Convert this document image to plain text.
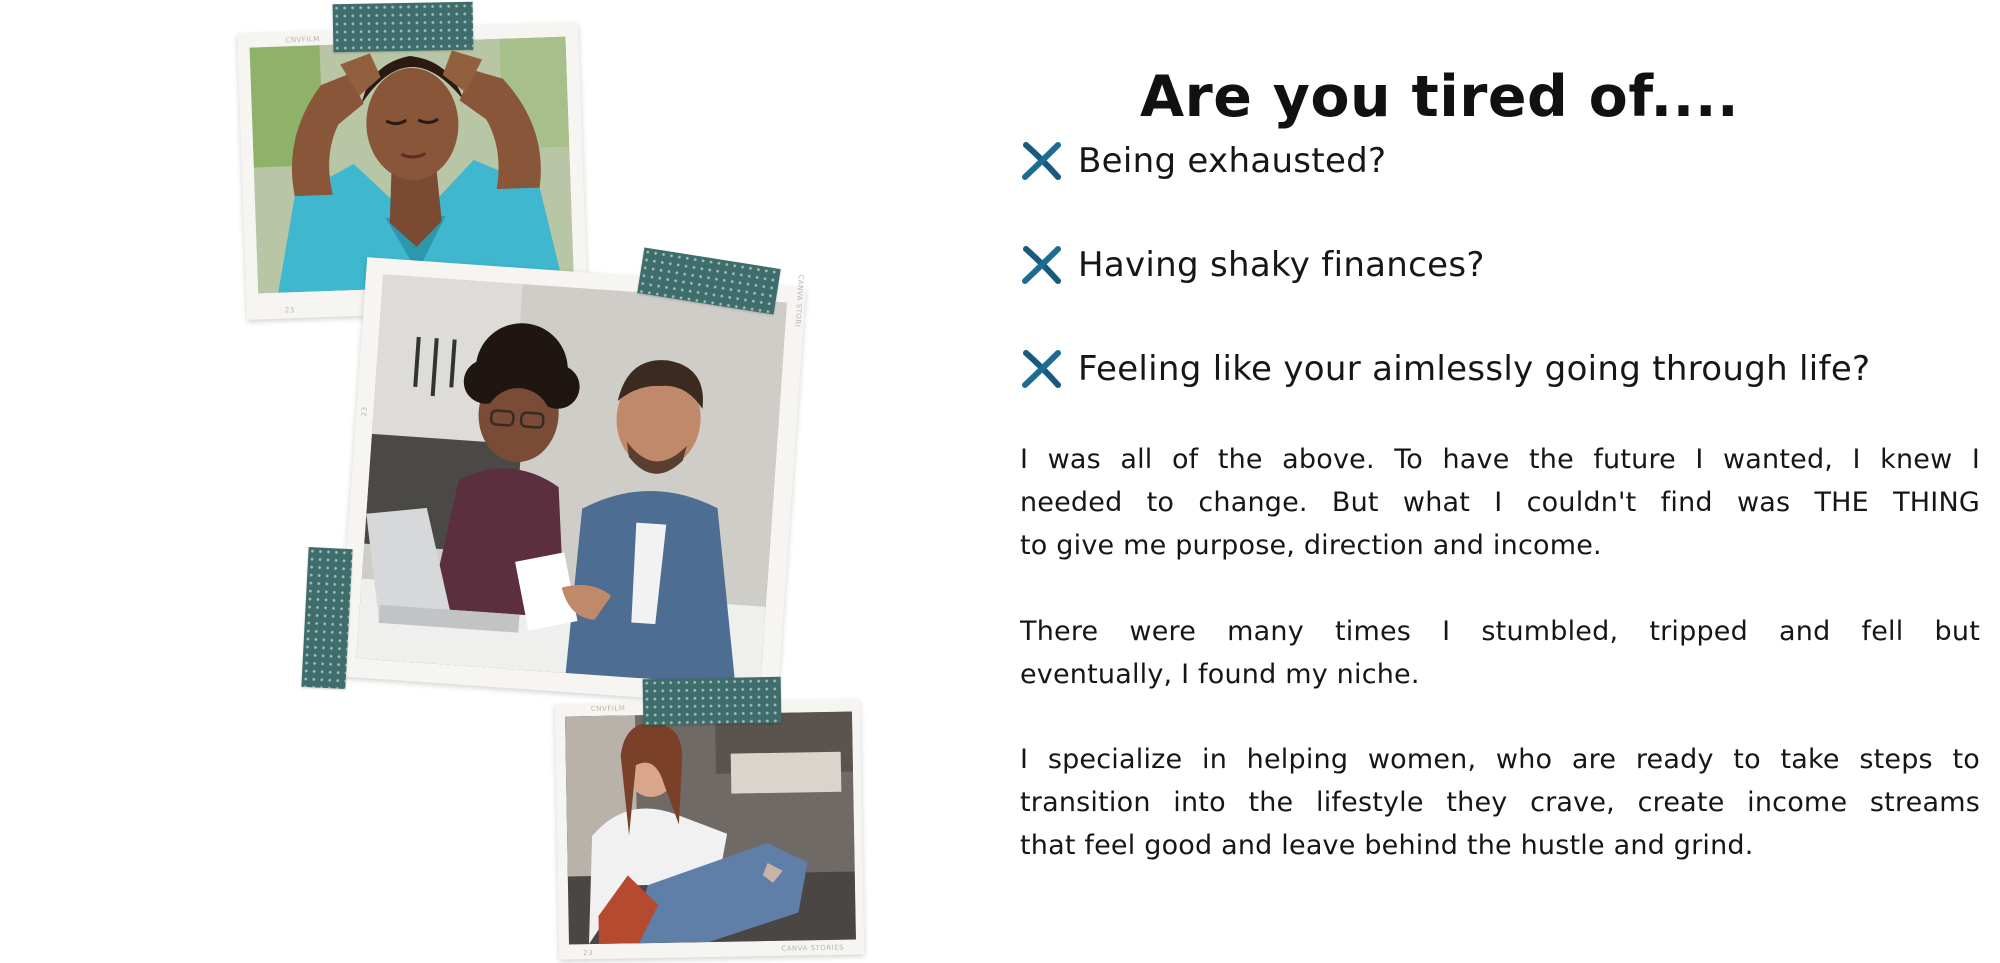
CNVFILM
23	CANVA STORI
23
CNVFILM
CANVA STORIES
23
Are you tired of....
Being exhausted?
Having shaky finances?
Feeling like your aimlessly going through life?

I was all of the above. To have the future I wanted, I knew I
needed to change. But what I couldn't find was THE THING
to give me purpose, direction and income.

There were many times I stumbled, tripped and fell but
eventually, I found my niche.

I specialize in helping women, who are ready to take steps to
transition into the lifestyle they crave, create income streams
that feel good and leave behind the hustle and grind.
